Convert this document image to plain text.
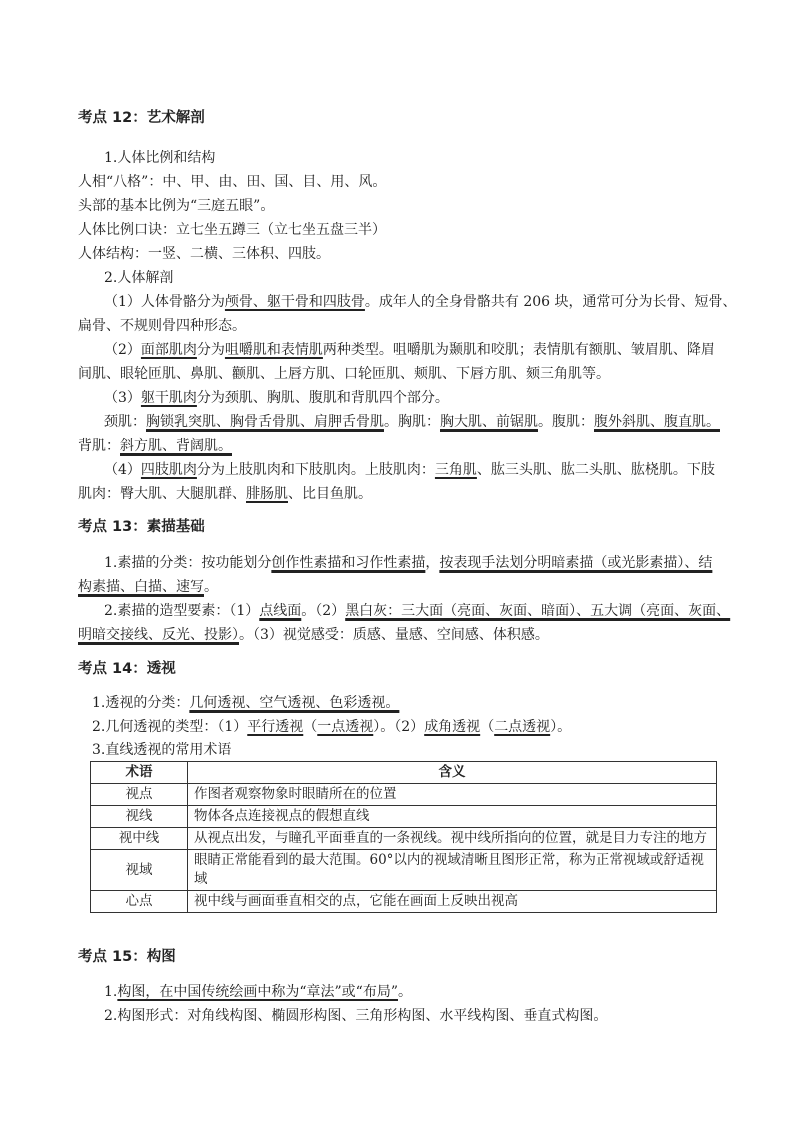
考点 12：艺术解剖
1.人体比例和结构
人相“八格”：中、甲、由、田、国、目、用、风。
头部的基本比例为“三庭五眼”。
人体比例口诀：立七坐五蹲三（立七坐五盘三半）
人体结构：一竖、二横、三体积、四肢。
2.人体解剖
（1）人体骨骼分为颅骨、躯干骨和四肢骨。成年人的全身骨骼共有 206 块，通常可分为长骨、短骨、
扁骨、不规则骨四种形态。
（2）面部肌肉分为咀嚼肌和表情肌两种类型。咀嚼肌为颞肌和咬肌；表情肌有额肌、皱眉肌、降眉
间肌、眼轮匝肌、鼻肌、颧肌、上唇方肌、口轮匝肌、颊肌、下唇方肌、颏三角肌等。
（3）躯干肌肉分为颈肌、胸肌、腹肌和背肌四个部分。
颈肌：胸锁乳突肌、胸骨舌骨肌、肩胛舌骨肌。胸肌：胸大肌、前锯肌。腹肌：腹外斜肌、腹直肌。
背肌：斜方肌、背阔肌。
（4）四肢肌肉分为上肢肌肉和下肢肌肉。上肢肌肉：三角肌、肱三头肌、肱二头肌、肱桡肌。下肢
肌肉：臀大肌、大腿肌群、腓肠肌、比目鱼肌。
考点 13：素描基础
1.素描的分类：按功能划分创作性素描和习作性素描，按表现手法划分明暗素描（或光影素描）、结
构素描、白描、速写。
2.素描的造型要素：（1）点线面。（2）黑白灰：三大面（亮面、灰面、暗面）、五大调（亮面、灰面、
明暗交接线、反光、投影）。（3）视觉感受：质感、量感、空间感、体积感。
考点 14：透视
1.透视的分类：几何透视、空气透视、色彩透视。
2.几何透视的类型：（1）平行透视（一点透视）。（2）成角透视（二点透视）。
3.直线透视的常用术语
术语	含义
视点	作图者观察物象时眼睛所在的位置
视线	物体各点连接视点的假想直线
视中线	从视点出发，与瞳孔平面垂直的一条视线。视中线所指向的位置，就是目力专注的地方
视域	眼睛正常能看到的最大范围。60°以内的视域清晰且图形正常，称为正常视域或舒适视域
心点	视中线与画面垂直相交的点，它能在画面上反映出视高
考点 15：构图
1.构图，在中国传统绘画中称为“章法”或“布局”。
2.构图形式：对角线构图、椭圆形构图、三角形构图、水平线构图、垂直式构图。
